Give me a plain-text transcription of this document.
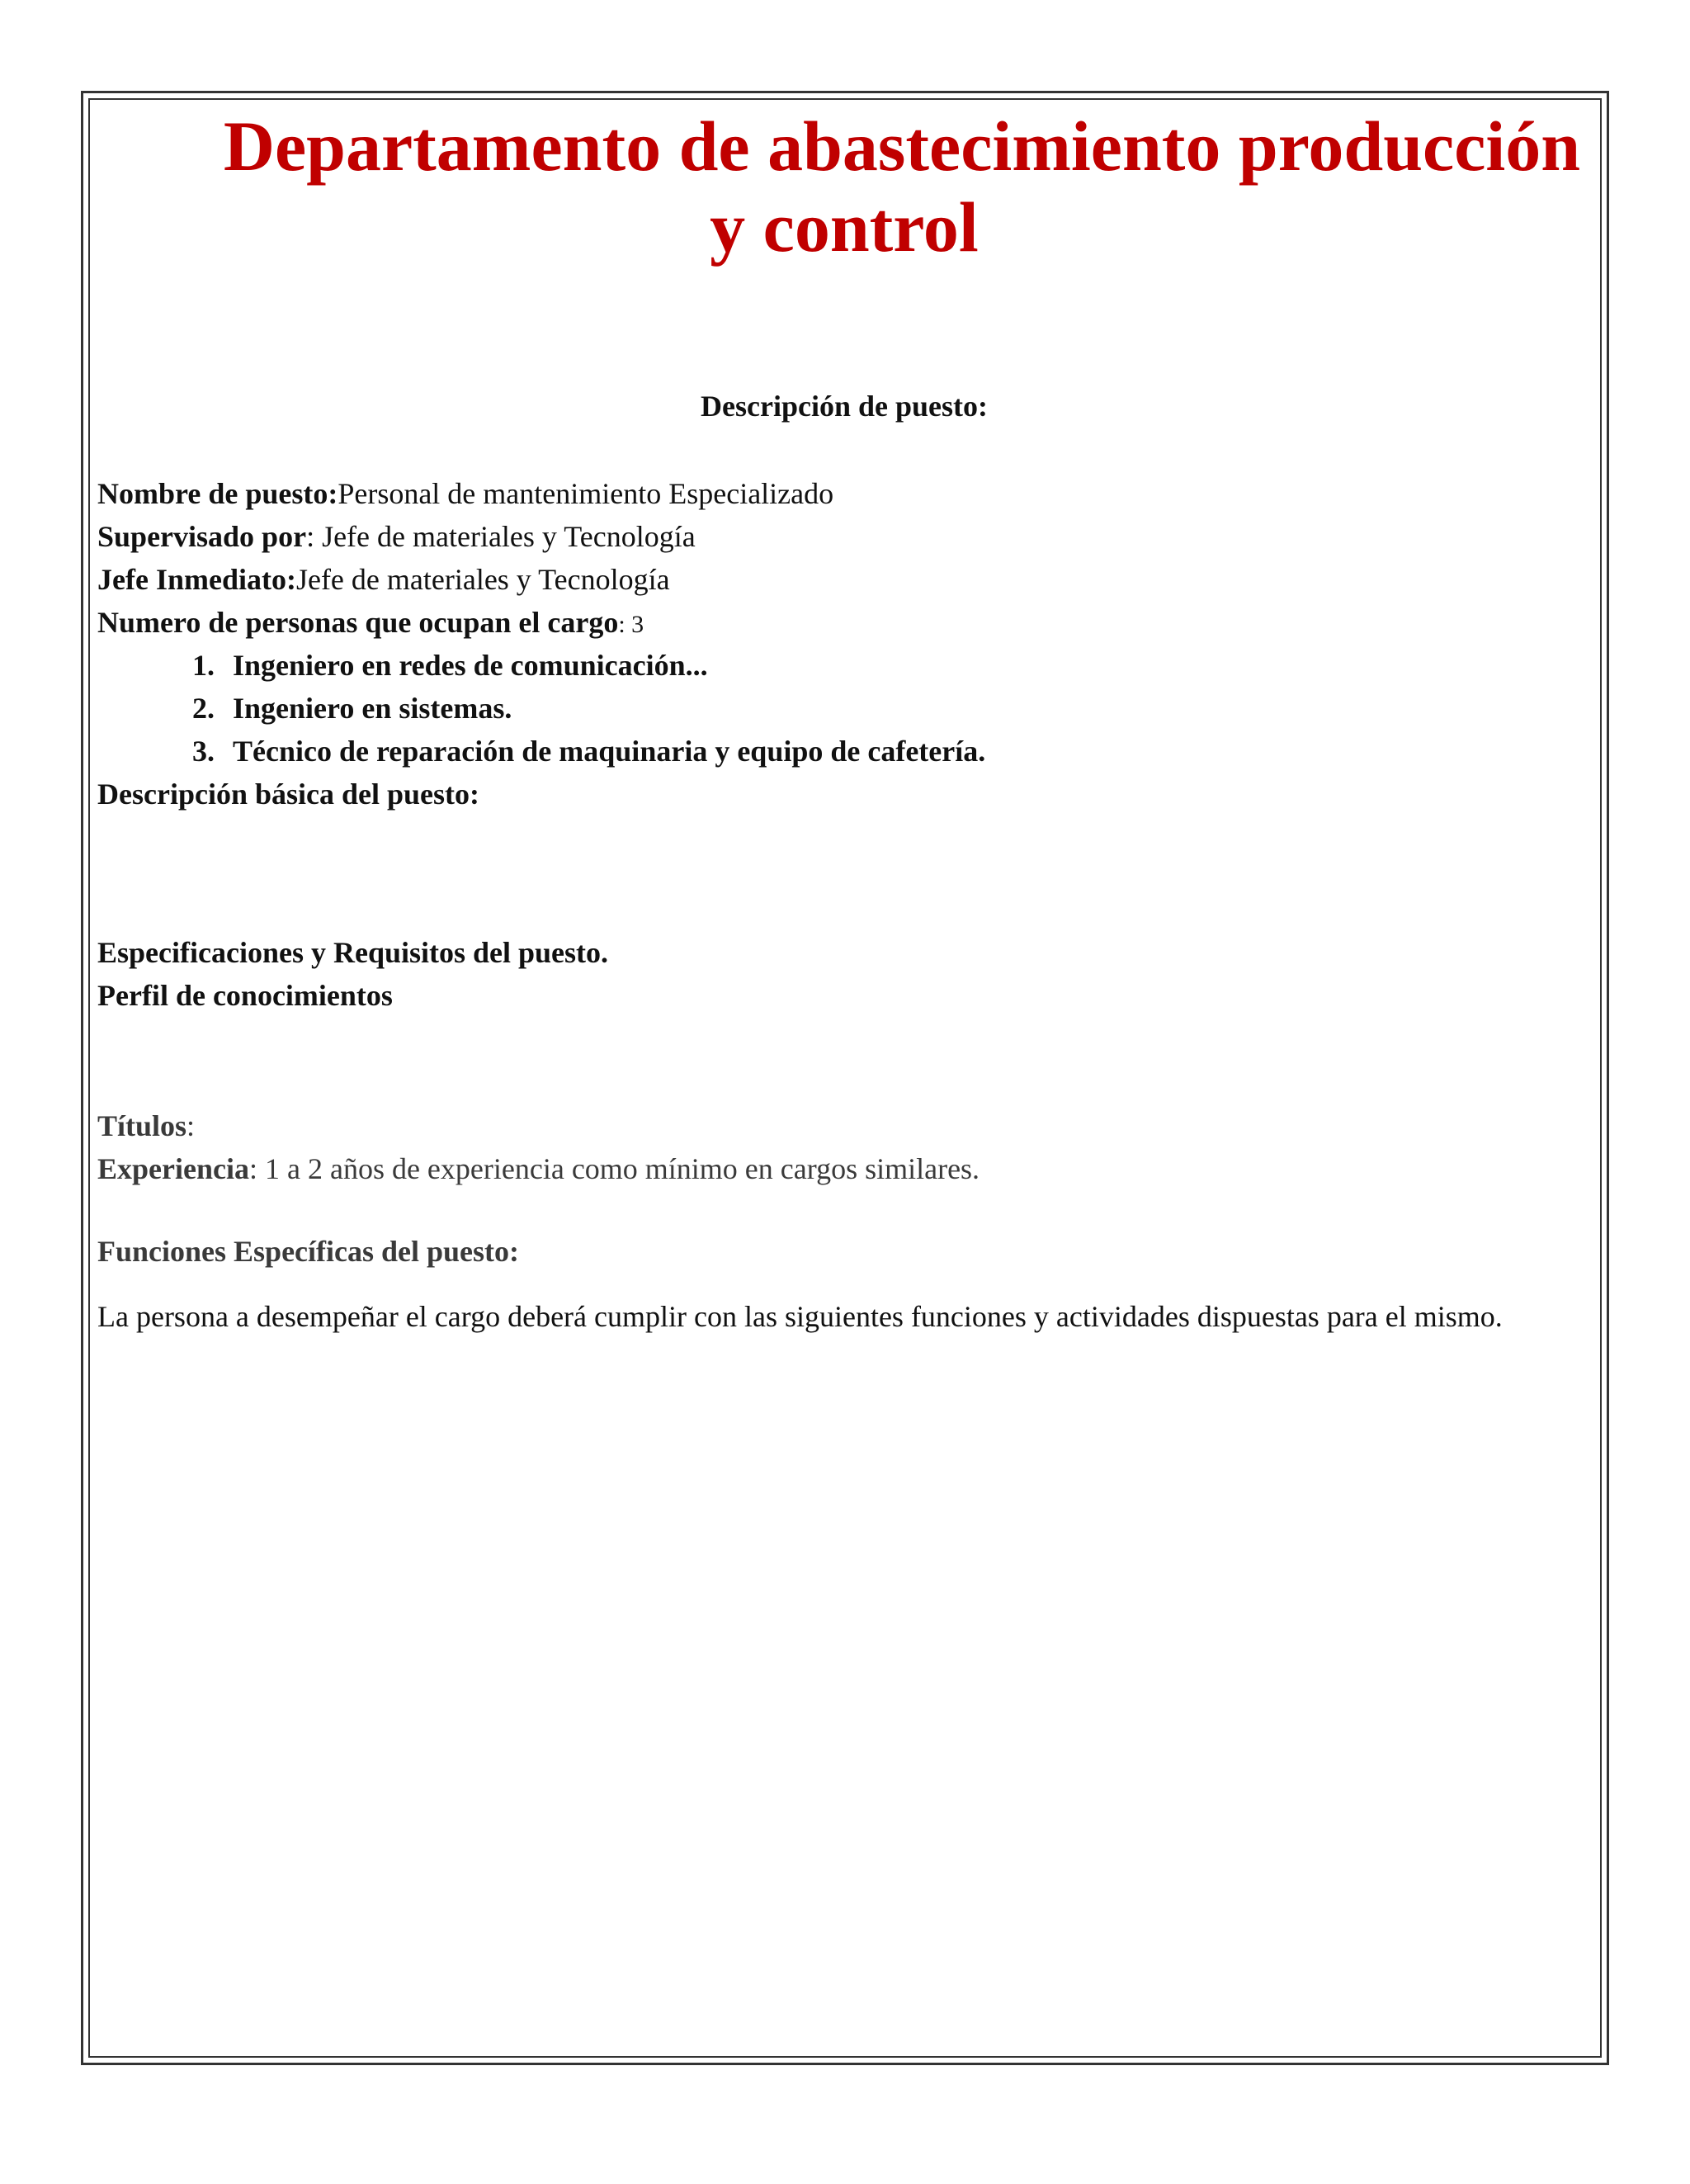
Departamento de abastecimiento producción
y control
Descripción de puesto:
Nombre de puesto:Personal de mantenimiento Especializado
Supervisado por: Jefe de materiales y Tecnología
Jefe Inmediato:Jefe de materiales y Tecnología
Numero de personas que ocupan el cargo: 3
1. Ingeniero en redes de comunicación...
2. Ingeniero en sistemas.
3. Técnico de reparación de maquinaria y equipo de cafetería.
Descripción básica del puesto:
Especificaciones y Requisitos del puesto.
Perfil de conocimientos
Títulos:
Experiencia: 1 a 2 años de experiencia como mínimo en cargos similares.
Funciones Específicas del puesto:
La persona a desempeñar el cargo deberá cumplir con las siguientes funciones y actividades dispuestas para el mismo.
